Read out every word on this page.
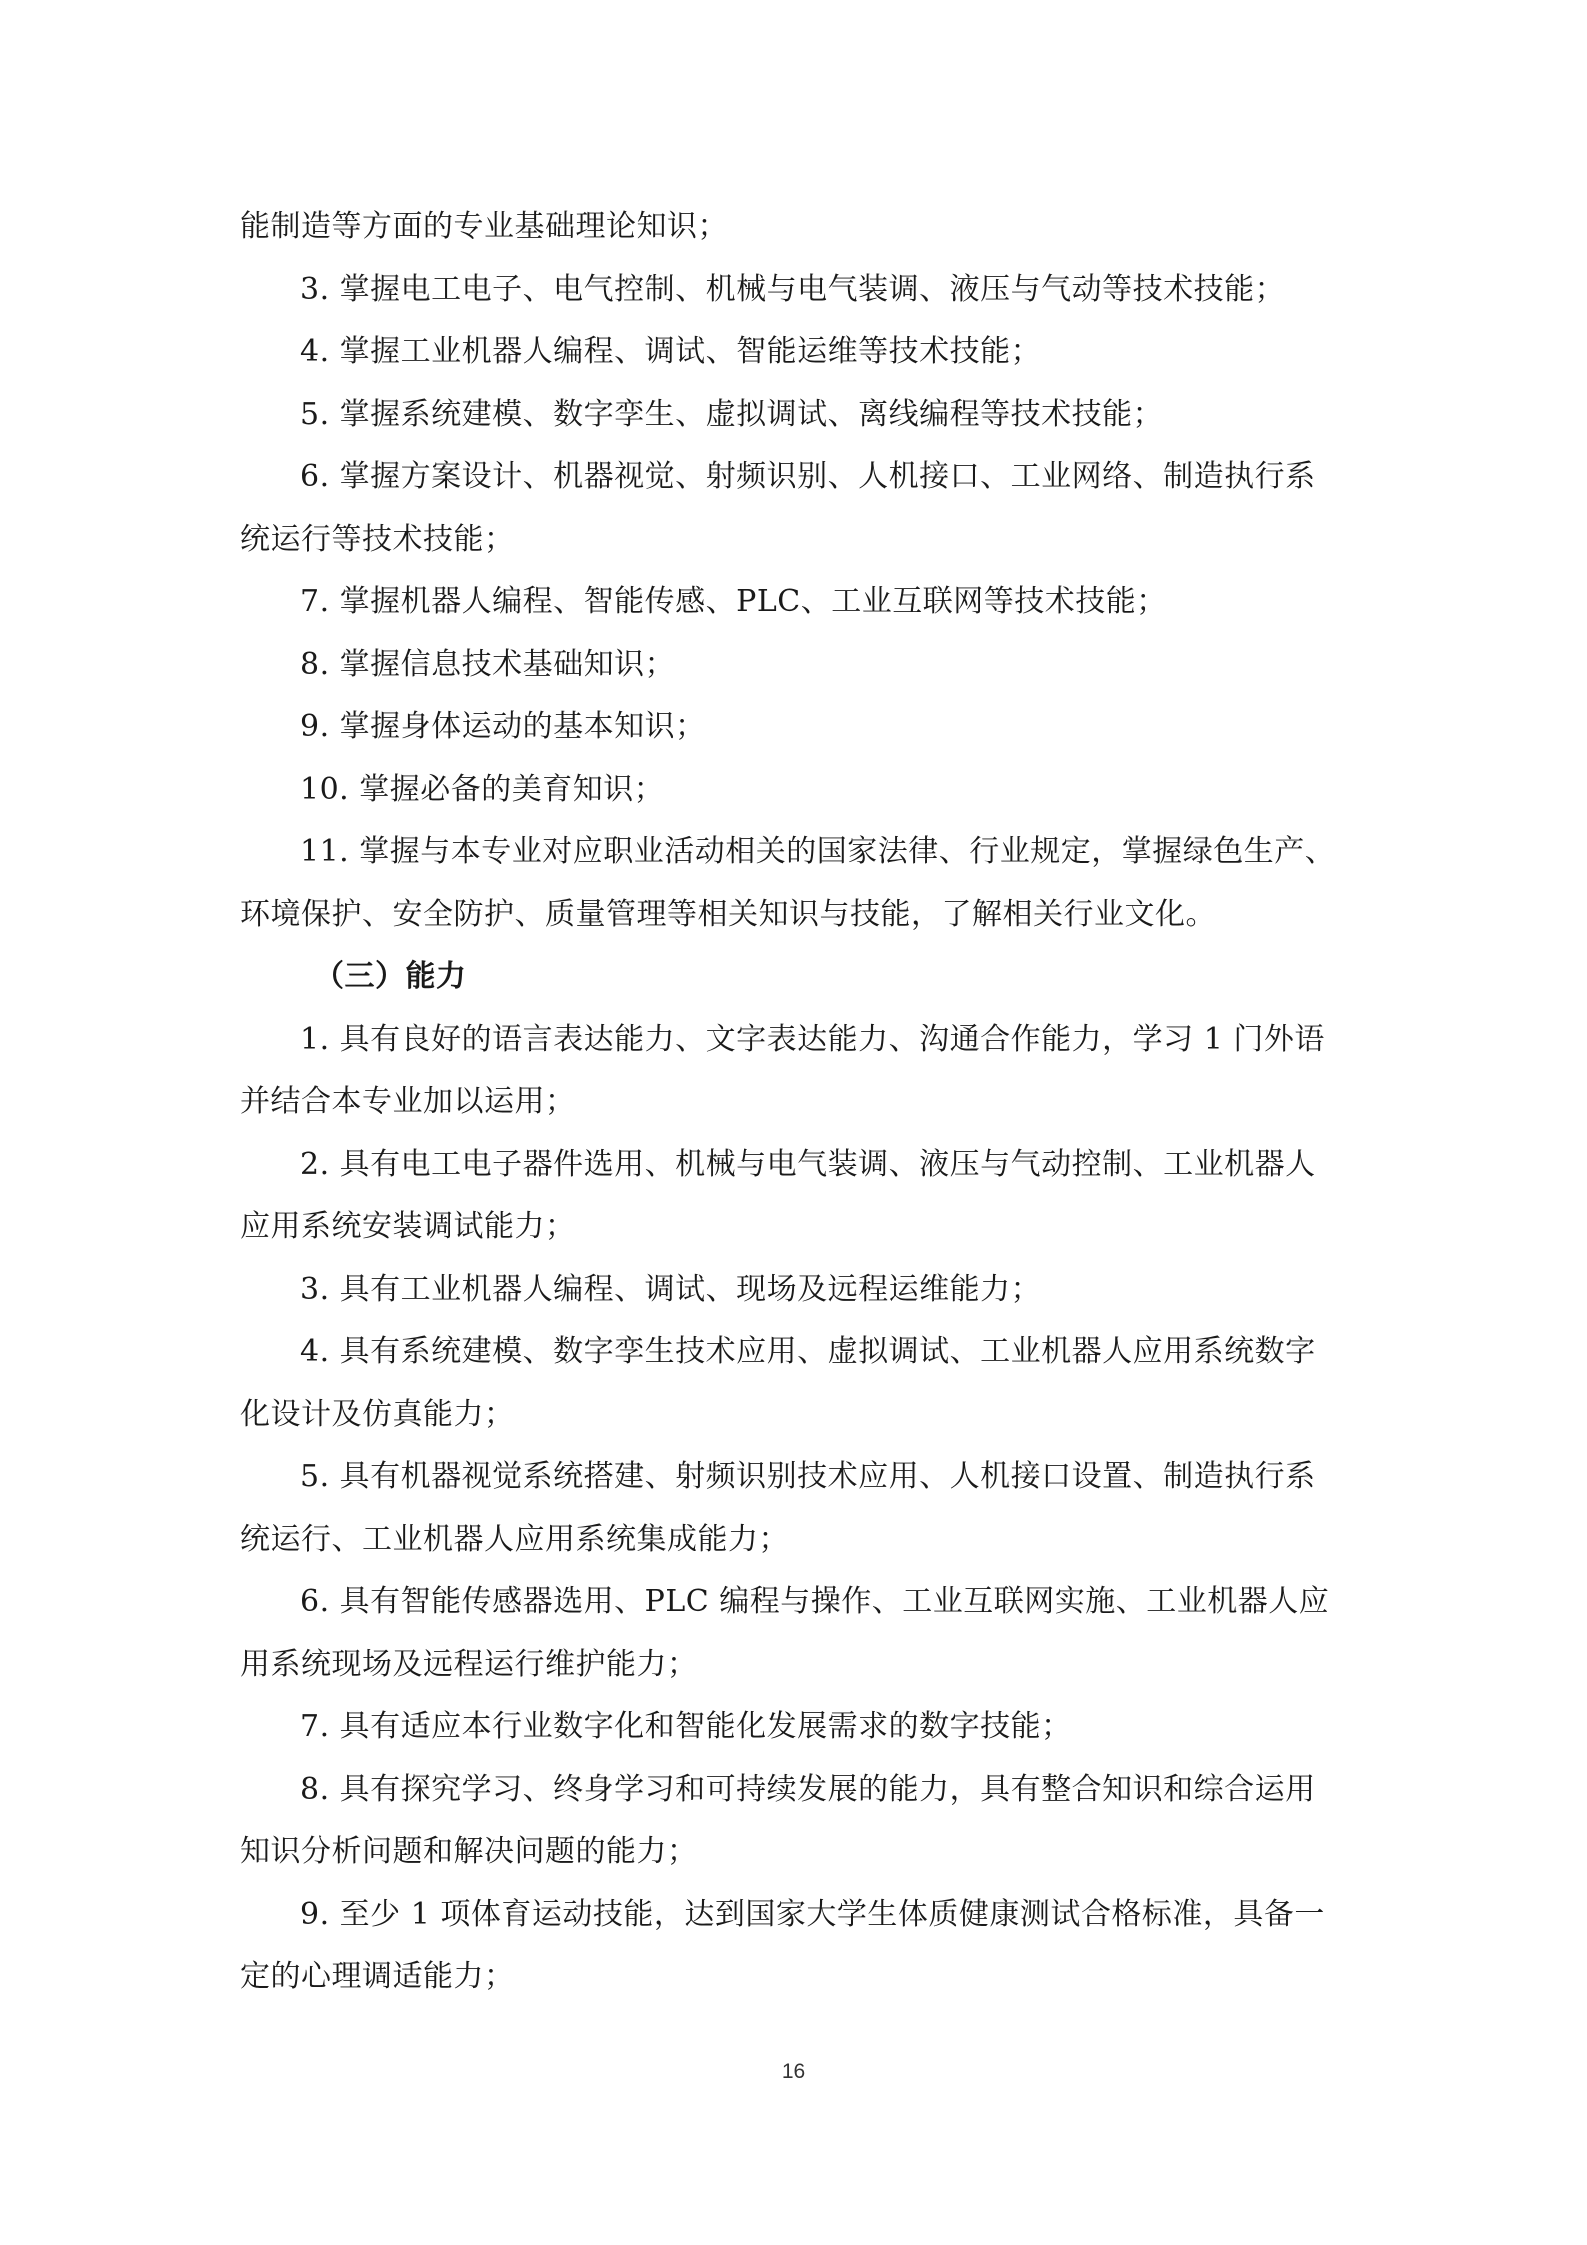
能制造等方面的专业基础理论知识；
3. 掌握电工电子、电气控制、机械与电气装调、液压与气动等技术技能；
4. 掌握工业机器人编程、调试、智能运维等技术技能；
5. 掌握系统建模、数字孪生、虚拟调试、离线编程等技术技能；
6. 掌握方案设计、机器视觉、射频识别、人机接口、工业网络、制造执行系
统运行等技术技能；
7. 掌握机器人编程、智能传感、PLC、工业互联网等技术技能；
8. 掌握信息技术基础知识；
9. 掌握身体运动的基本知识；
10. 掌握必备的美育知识；
11. 掌握与本专业对应职业活动相关的国家法律、行业规定，掌握绿色生产、
环境保护、安全防护、质量管理等相关知识与技能，了解相关行业文化。
（三）能力
1. 具有良好的语言表达能力、文字表达能力、沟通合作能力，学习 1 门外语
并结合本专业加以运用；
2. 具有电工电子器件选用、机械与电气装调、液压与气动控制、工业机器人
应用系统安装调试能力；
3. 具有工业机器人编程、调试、现场及远程运维能力；
4. 具有系统建模、数字孪生技术应用、虚拟调试、工业机器人应用系统数字
化设计及仿真能力；
5. 具有机器视觉系统搭建、射频识别技术应用、人机接口设置、制造执行系
统运行、工业机器人应用系统集成能力；
6. 具有智能传感器选用、PLC 编程与操作、工业互联网实施、工业机器人应
用系统现场及远程运行维护能力；
7. 具有适应本行业数字化和智能化发展需求的数字技能；
8. 具有探究学习、终身学习和可持续发展的能力，具有整合知识和综合运用
知识分析问题和解决问题的能力；
9. 至少 1 项体育运动技能，达到国家大学生体质健康测试合格标准，具备一
定的心理调适能力；
16
